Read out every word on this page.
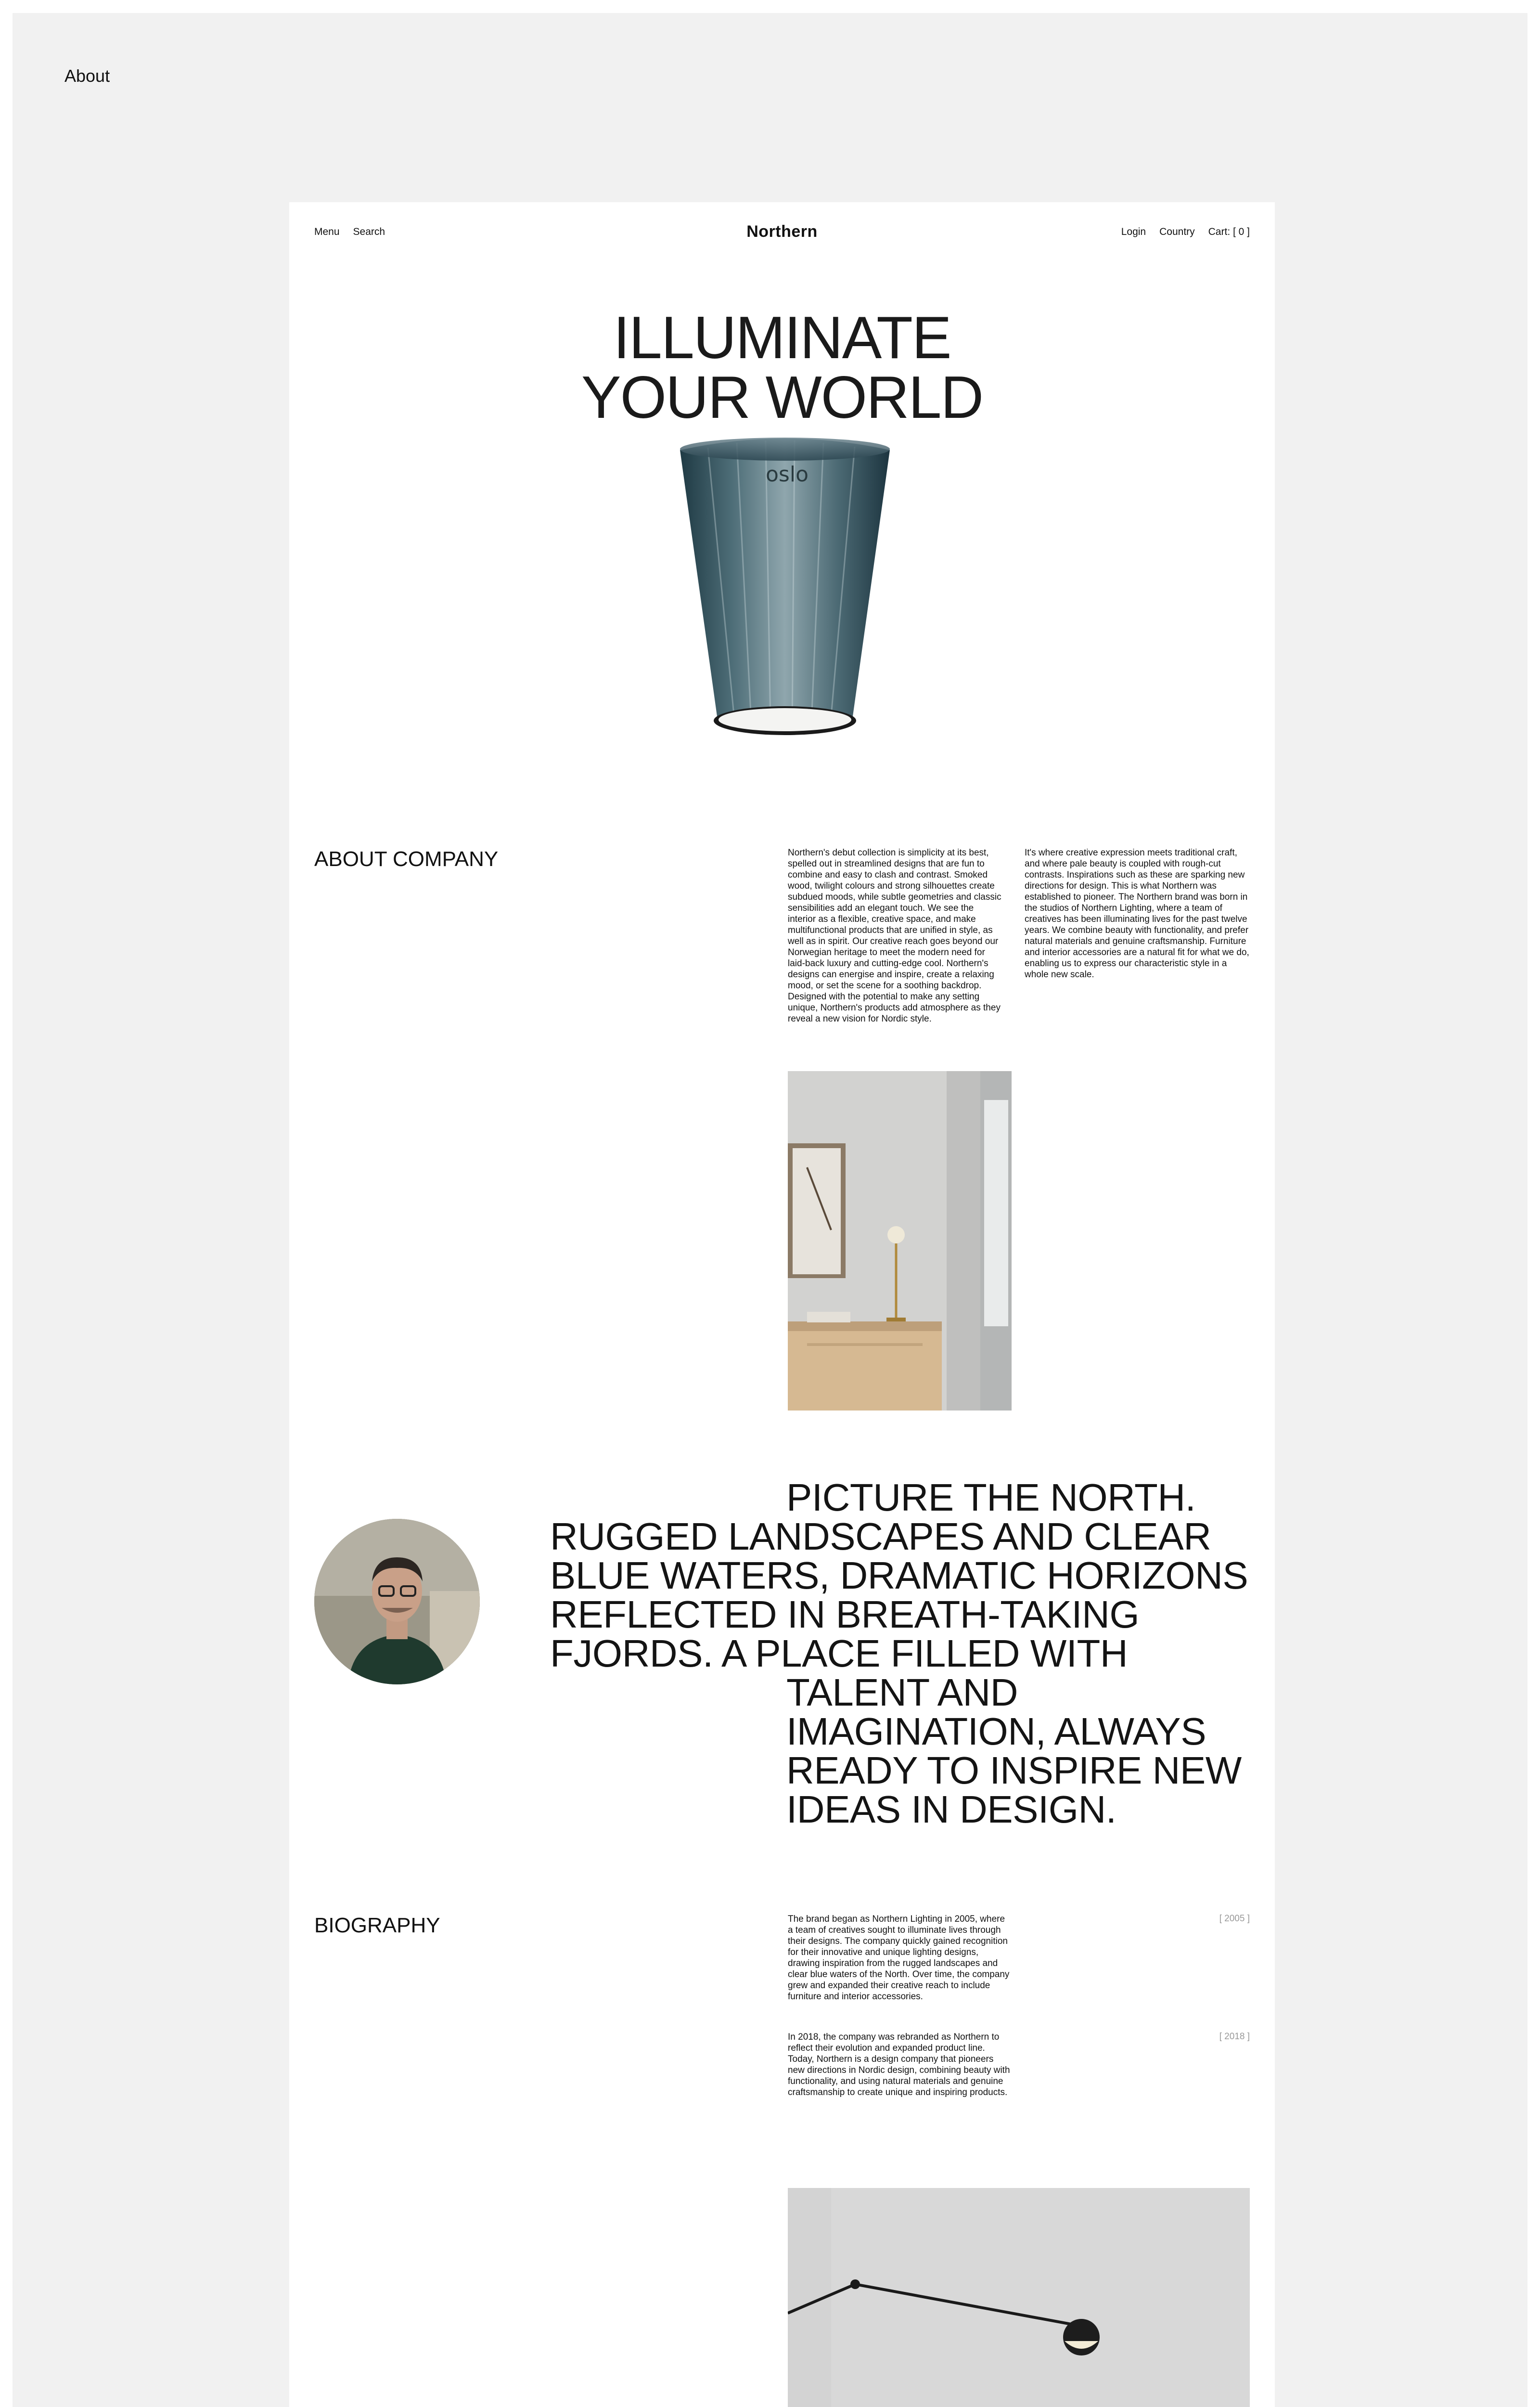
About
Menu Search	Northern	Login Country Cart: [ 0 ]
ILLUMINATE
YOUR WORLD
oslo
ABOUT COMPANY	Northern's debut collection is simplicity at its best, spelled out in streamlined designs that are fun to combine and easy to clash and contrast. Smoked wood, twilight colours and strong silhouettes create subdued moods, while subtle geometries and classic sensibilities add an elegant touch. We see the interior as a flexible, creative space, and make multifunctional products that are unified in style, as well as in spirit. Our creative reach goes beyond our Norwegian heritage to meet the modern need for laid-back luxury and cutting-edge cool. Northern's designs can energise and inspire, create a relaxing mood, or set the scene for a soothing backdrop. Designed with the potential to make any setting unique, Northern's products add atmosphere as they reveal a new vision for Nordic style.
It's where creative expression meets traditional craft, and where pale beauty is coupled with rough-cut contrasts. Inspirations such as these are sparking new directions for design. This is what Northern was established to pioneer. The Northern brand was born in the studios of Northern Lighting, where a team of creatives has been illuminating lives for the past twelve years. We combine beauty with functionality, and prefer natural materials and genuine craftsmanship. Furniture and interior accessories are a natural fit for what we do, enabling us to express our characteristic style in a whole new scale.
PICTURE THE NORTH.
RUGGED LANDSCAPES AND CLEAR
BLUE WATERS, DRAMATIC HORIZONS
REFLECTED IN BREATH-TAKING
FJORDS. A PLACE FILLED WITH
TALENT AND
IMAGINATION, ALWAYS
READY TO INSPIRE NEW
IDEAS IN DESIGN.
BIOGRAPHY	The brand began as Northern Lighting in 2005, where a team of creatives sought to illuminate lives through their designs. The company quickly gained recognition for their innovative and unique lighting designs, drawing inspiration from the rugged landscapes and clear blue waters of the North. Over time, the company grew and expanded their creative reach to include furniture and interior accessories.
[ 2005 ]
In 2018, the company was rebranded as Northern to reflect their evolution and expanded product line. Today, Northern is a design company that pioneers new directions in Nordic design, combining beauty with functionality, and using natural materials and genuine craftsmanship to create unique and inspiring products.
[ 2018 ]
